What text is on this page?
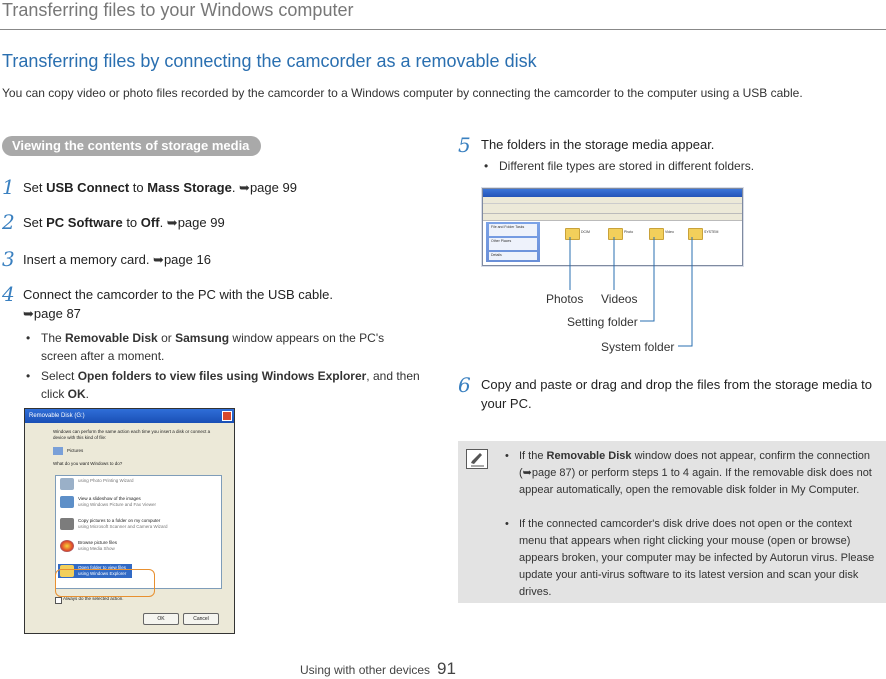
Transferring files to your Windows computer
Transferring files by connecting the camcorder as a removable disk
You can copy video or photo files recorded by the camcorder to a Windows computer by connecting the camcorder to the computer using a USB cable.
Viewing the contents of storage media
1 Set USB Connect to Mass Storage. ➥page 99
2 Set PC Software to Off. ➥page 99
3 Insert a memory card. ➥page 16
4 Connect the camcorder to the PC with the USB cable.
➥page 87
• The Removable Disk or Samsung window appears on the PC's screen after a moment.
• Select Open folders to view files using Windows Explorer, and then click OK.
Removable Disk (G:)
Windows can perform the same action each time you insert a disk or connect a device with this kind of file:
Pictures
What do you want Windows to do?
using Photo Printing Wizard
View a slideshow of the images
using Windows Picture and Fax Viewer
Copy pictures to a folder on my computer
using Microsoft Scanner and Camera Wizard
Browse picture files
using Media Show
Open folder to view files
using Windows Explorer
Always do the selected action.
OK	Cancel
5 The folders in the storage media appear.
• Different file types are stored in different folders.
File and Folder Tasks
Other Places
Details
DCIM	Photo	Video	SYSTEM
Photos Videos
Setting folder
System folder
6 Copy and paste or drag and drop the files from the storage media to your PC.
• If the Removable Disk window does not appear, confirm the connection (➥page 87) or perform steps 1 to 4 again. If the removable disk does not appear automatically, open the removable disk folder in My Computer.
• If the connected camcorder's disk drive does not open or the context menu that appears when right clicking your mouse (open or browse) appears broken, your computer may be infected by Autorun virus. Please update your anti-virus software to its latest version and scan your disk drives.
Using with other devices 91
